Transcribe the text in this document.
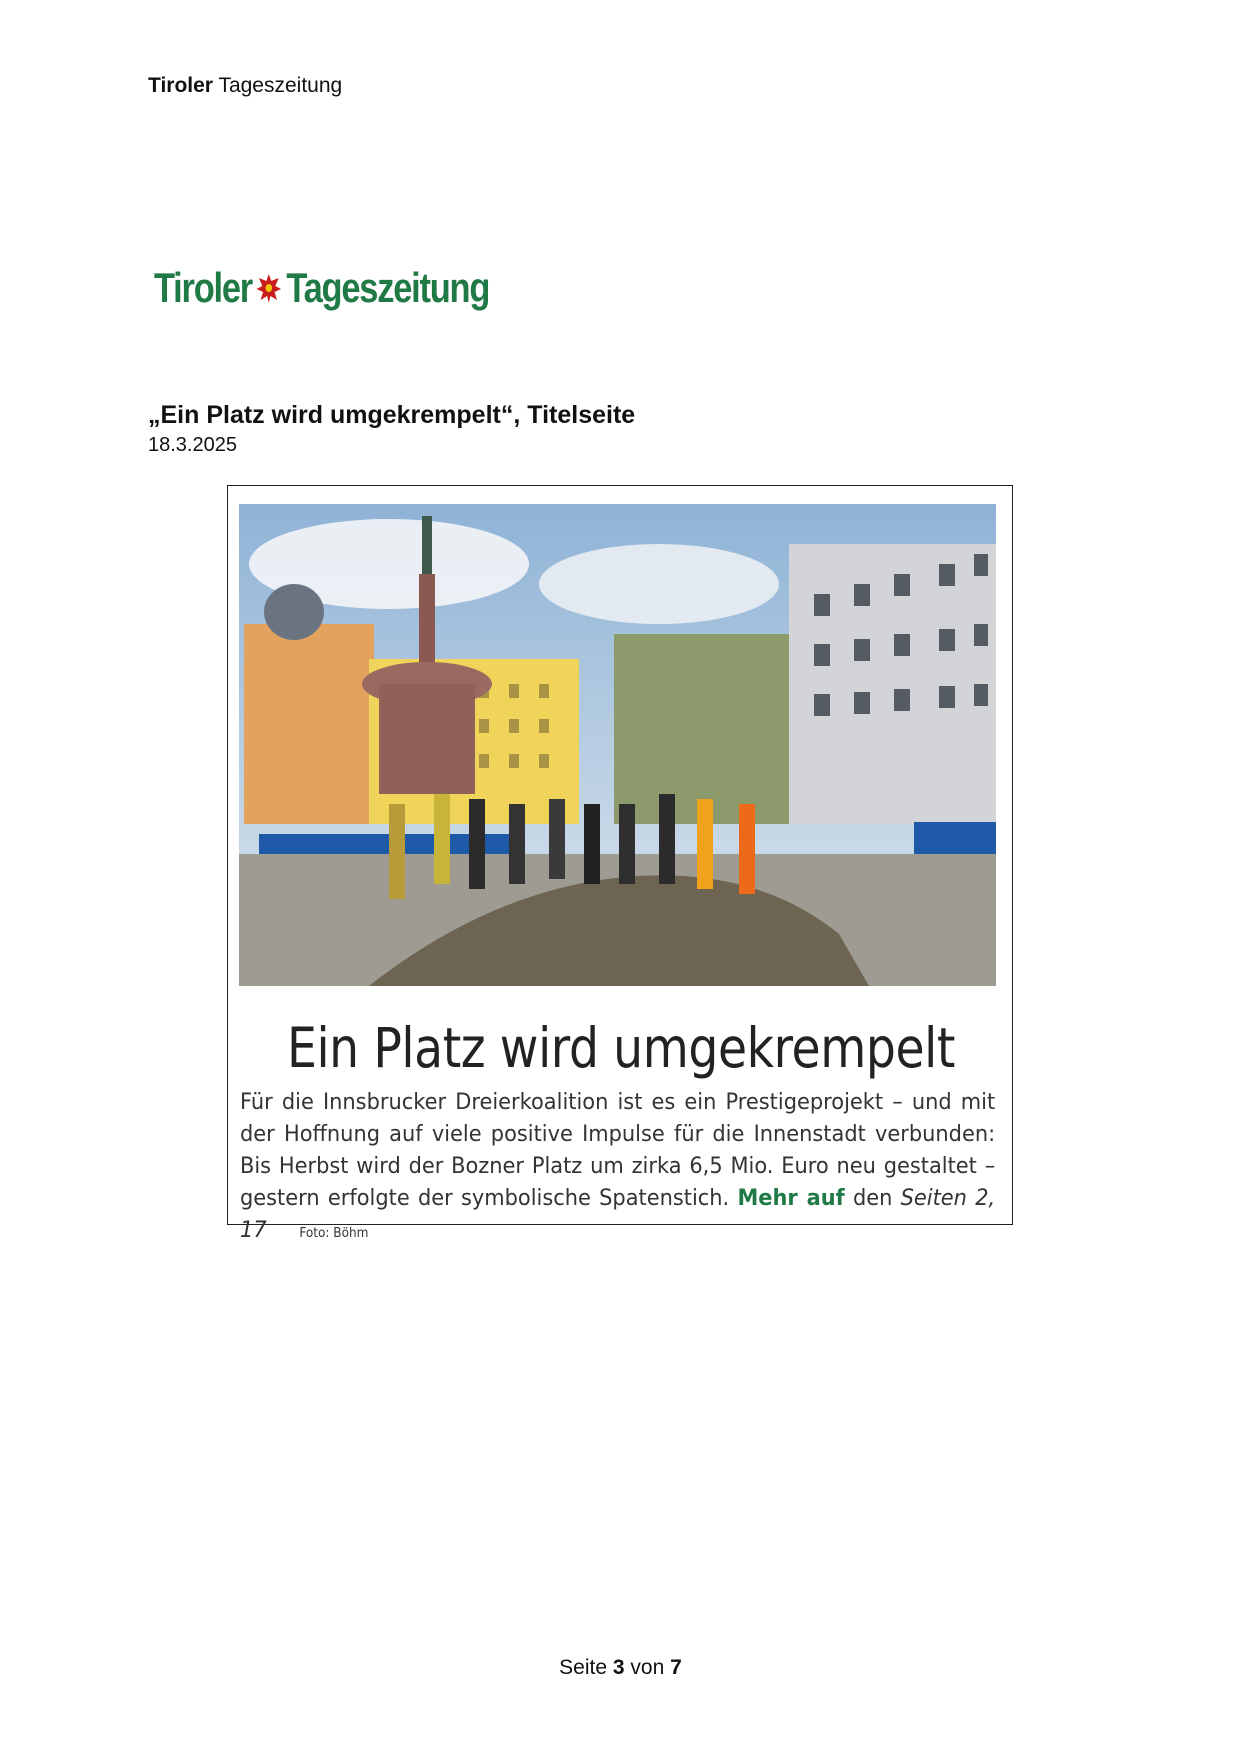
Tiroler Tageszeitung
Tiroler Tageszeitung
„Ein Platz wird umgekrempelt“, Titelseite
18.3.2025
Ein Platz wird umgekrempelt
Für die Innsbrucker Dreierkoalition ist es ein Prestigeprojekt – und mit der Hoffnung auf viele positive Impulse für die Innenstadt verbunden: Bis Herbst wird der Bozner Platz um zirka 6,5 Mio. Euro neu gestaltet – gestern erfolgte der symbolische Spatenstich. Mehr auf den Seiten 2, 17	Foto: Böhm
Seite 3 von 7
